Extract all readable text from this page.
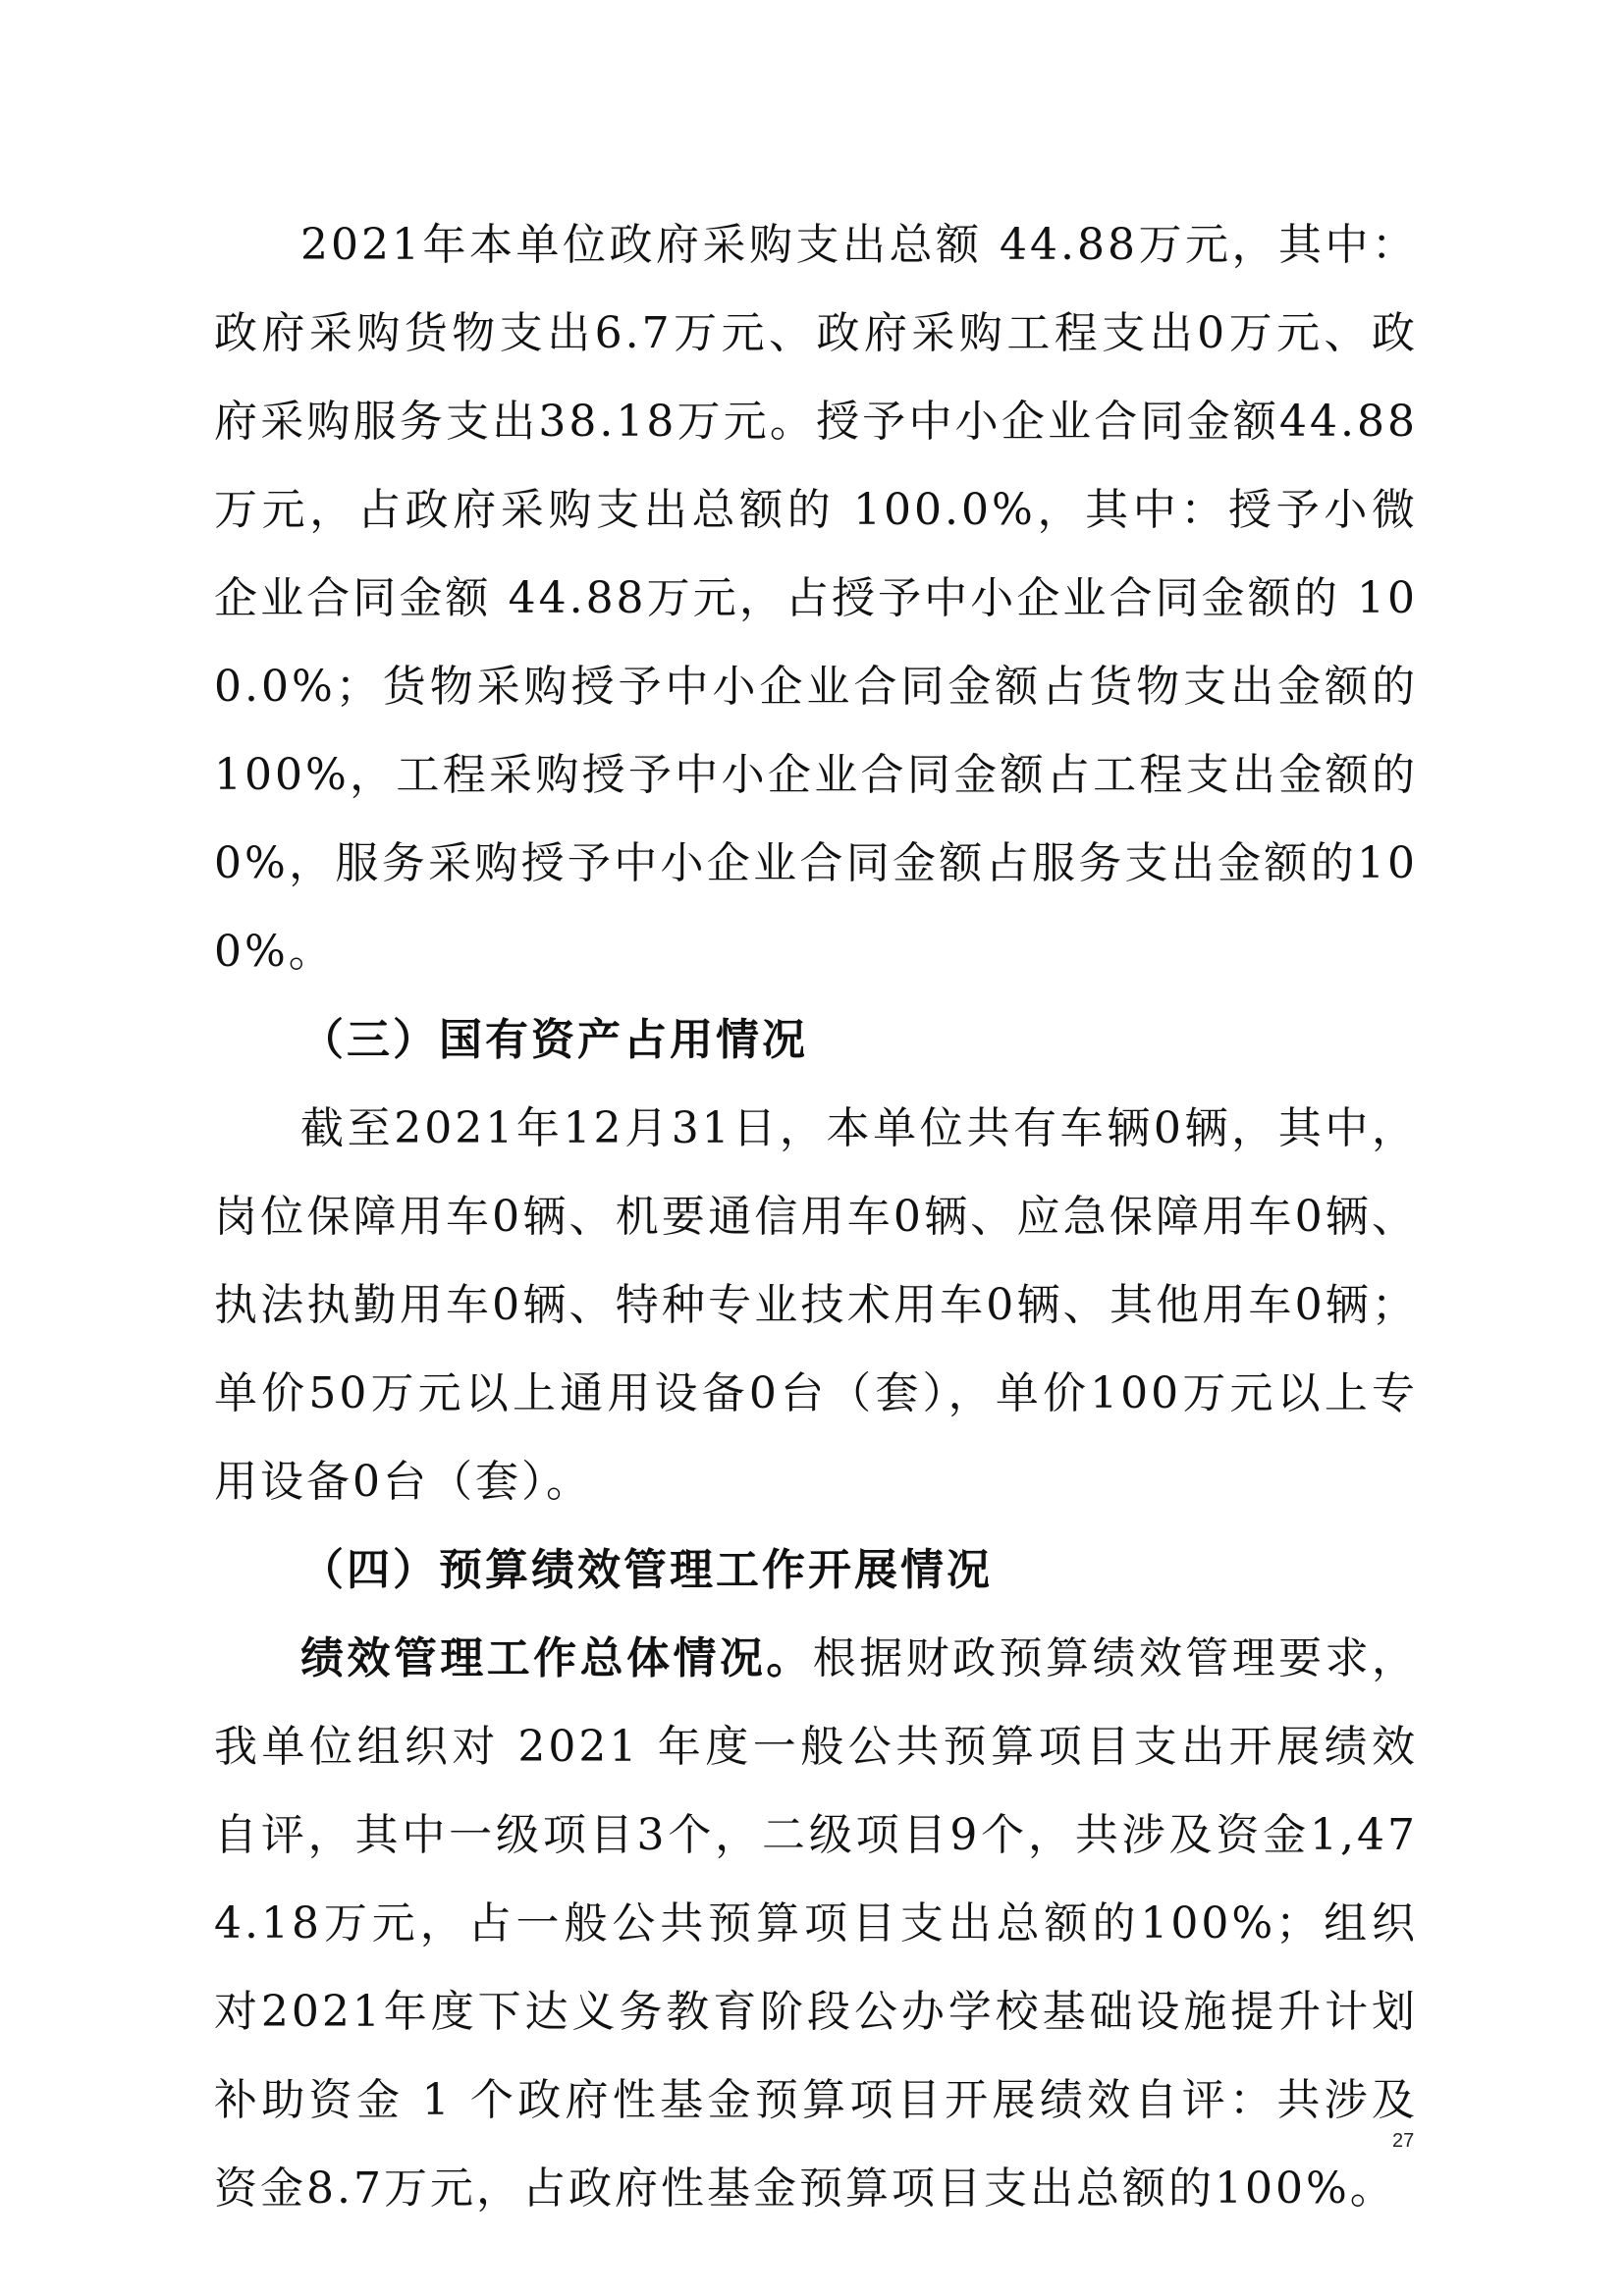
2021年本单位政府采购支出总额 44.88万元，其中：政府采购货物支出6.7万元、政府采购工程支出0万元、政府采购服务支出38.18万元。授予中小企业合同金额44.88万元，占政府采购支出总额的 100.0%，其中：授予小微企业合同金额 44.88万元，占授予中小企业合同金额的 100.0%；货物采购授予中小企业合同金额占货物支出金额的 100%，工程采购授予中小企业合同金额占工程支出金额的 0%，服务采购授予中小企业合同金额占服务支出金额的100%。

（三）国有资产占用情况

截至2021年12月31日，本单位共有车辆0辆，其中，岗位保障用车0辆、机要通信用车0辆、应急保障用车0辆、执法执勤用车0辆、特种专业技术用车0辆、其他用车0辆；单价50万元以上通用设备0台（套），单价100万元以上专用设备0台（套）。

（四）预算绩效管理工作开展情况

绩效管理工作总体情况。根据财政预算绩效管理要求，我单位组织对 2021 年度一般公共预算项目支出开展绩效自评，其中一级项目3个，二级项目9个，共涉及资金1,474.18万元，占一般公共预算项目支出总额的100%；组织对2021年度下达义务教育阶段公办学校基础设施提升计划补助资金 1 个政府性基金预算项目开展绩效自评：共涉及资金8.7万元，占政府性基金预算项目支出总额的100%。

27
